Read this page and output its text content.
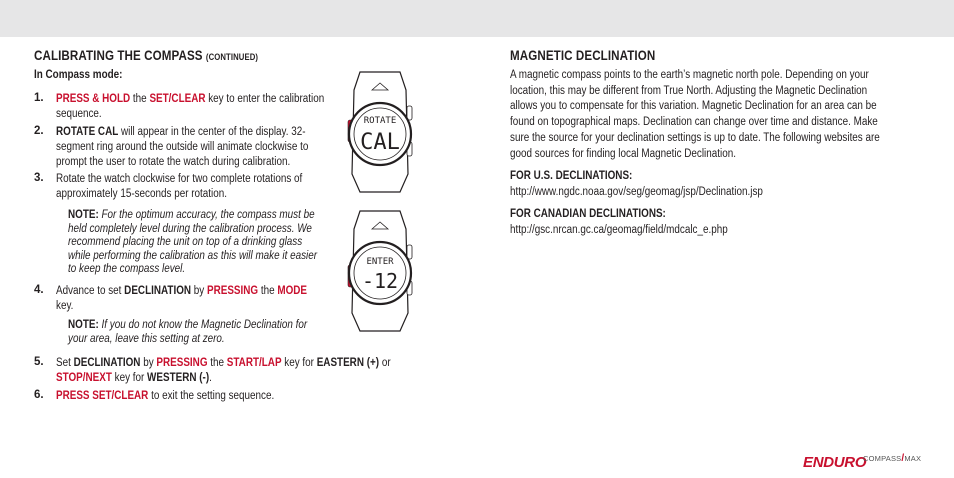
CALIBRATING THE COMPASS (CONTINUED)
In Compass mode:
1. PRESS & HOLD the SET/CLEAR key to enter the calibration
sequence.
2. ROTATE CAL will appear in the center of the display. 32-
segment ring around the outside will animate clockwise to
prompt the user to rotate the watch during calibration.
3. Rotate the watch clockwise for two complete rotations of
approximately 15-seconds per rotation.
NOTE: For the optimum accuracy, the compass must be
held completely level during the calibration process. We
recommend placing the unit on top of a drinking glass
while performing the calibration as this will make it easier
to keep the compass level.
4. Advance to set DECLINATION by PRESSING the MODE
key.
NOTE: If you do not know the Magnetic Declination for
your area, leave this setting at zero.
5. Set DECLINATION by PRESSING the START/LAP key for EASTERN (+) or
STOP/NEXT key for WESTERN (-).
6. PRESS SET/CLEAR to exit the setting sequence.
ROTATE
CAL
ENTER
-12
MAGNETIC DECLINATION
A magnetic compass points to the earth’s magnetic north pole. Depending on your
location, this may be different from True North. Adjusting the Magnetic Declination
allows you to compensate for this variation. Magnetic Declination for an area can be
found on topographical maps. Declination can change over time and distance. Make
sure the source for your declination settings is up to date. The following websites are
good sources for finding local Magnetic Declination.
FOR U.S. DECLINATIONS:
http://www.ngdc.noaa.gov/seg/geomag/jsp/Declination.jsp
FOR CANADIAN DECLINATIONS:
http://gsc.nrcan.gc.ca/geomag/field/mdcalc_e.php
ENDURO
COMPASS/MAX
